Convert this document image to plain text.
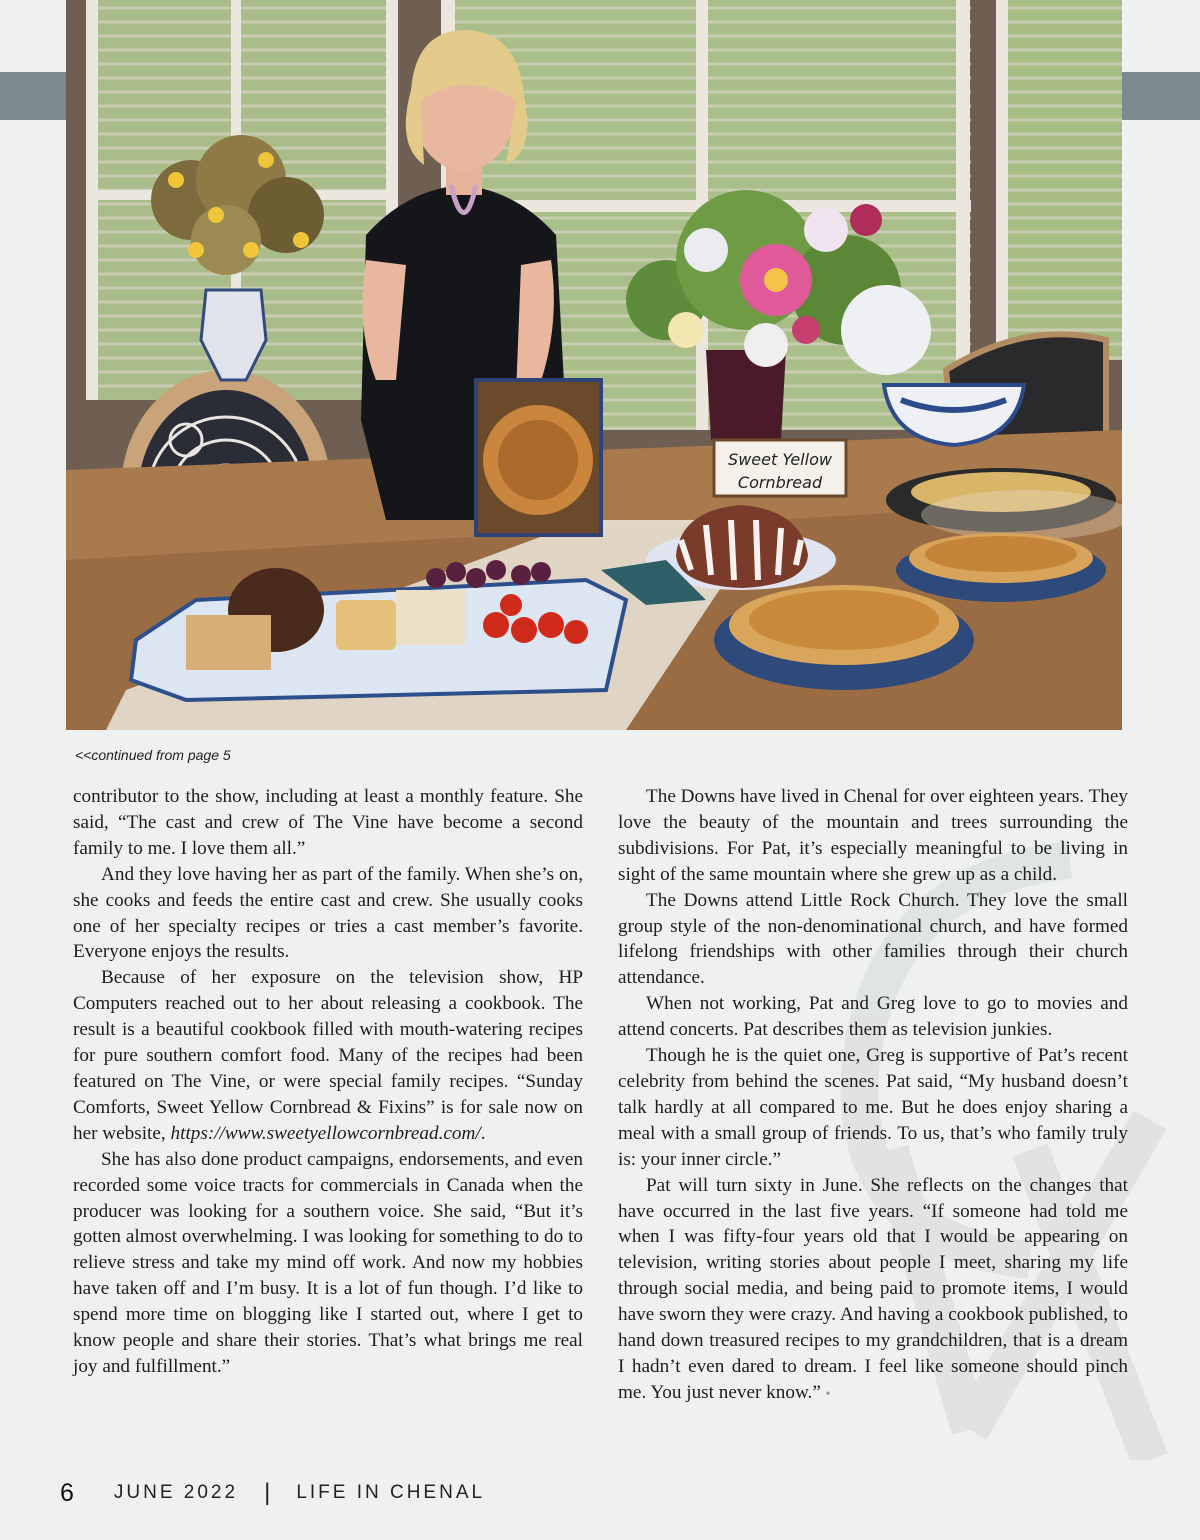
Sweet Yellow
Cornbread
<<continued from page 5

contributor to the show, including at least a monthly feature. She said, “The cast and crew of The Vine have become a second family to me. I love them all.”

And they love having her as part of the family. When she’s on, she cooks and feeds the entire cast and crew. She usually cooks one of her specialty recipes or tries a cast member’s favorite. Everyone enjoys the results.

Because of her exposure on the television show, HP Computers reached out to her about releasing a cookbook. The result is a beautiful cookbook filled with mouth-watering recipes for pure southern comfort food. Many of the recipes had been featured on The Vine, or were special family recipes. “Sunday Comforts, Sweet Yellow Cornbread & Fixins” is for sale now on her website, https://www.sweetyellowcornbread.com/.

She has also done product campaigns, endorsements, and even recorded some voice tracts for commercials in Canada when the producer was looking for a southern voice. She said, “But it’s gotten almost overwhelming. I was looking for something to do to relieve stress and take my mind off work. And now my hobbies have taken off and I’m busy. It is a lot of fun though. I’d like to spend more time on blogging like I started out, where I get to know people and share their stories. That’s what brings me real joy and fulfillment.”

The Downs have lived in Chenal for over eighteen years. They love the beauty of the mountain and trees surrounding the subdivisions. For Pat, it’s especially meaningful to be living in sight of the same mountain where she grew up as a child.

The Downs attend Little Rock Church. They love the small group style of the non-denominational church, and have formed lifelong friendships with other families through their church attendance.

When not working, Pat and Greg love to go to movies and attend concerts. Pat describes them as television junkies.

Though he is the quiet one, Greg is supportive of Pat’s recent celebrity from behind the scenes. Pat said, “My husband doesn’t talk hardly at all compared to me. But he does enjoy sharing a meal with a small group of friends. To us, that’s who family truly is: your inner circle.”

Pat will turn sixty in June. She reflects on the changes that have occurred in the last five years. “If someone had told me when I was fifty-four years old that I would be appearing on television, writing stories about people I meet, sharing my life through social media, and being paid to promote items, I would have sworn they were crazy. And having a cookbook published, to hand down treasured recipes to my grandchildren, that is a dream I hadn’t even dared to dream. I feel like someone should pinch me. You just never know.” •

6 JUNE 2022 | LIFE IN CHENAL
